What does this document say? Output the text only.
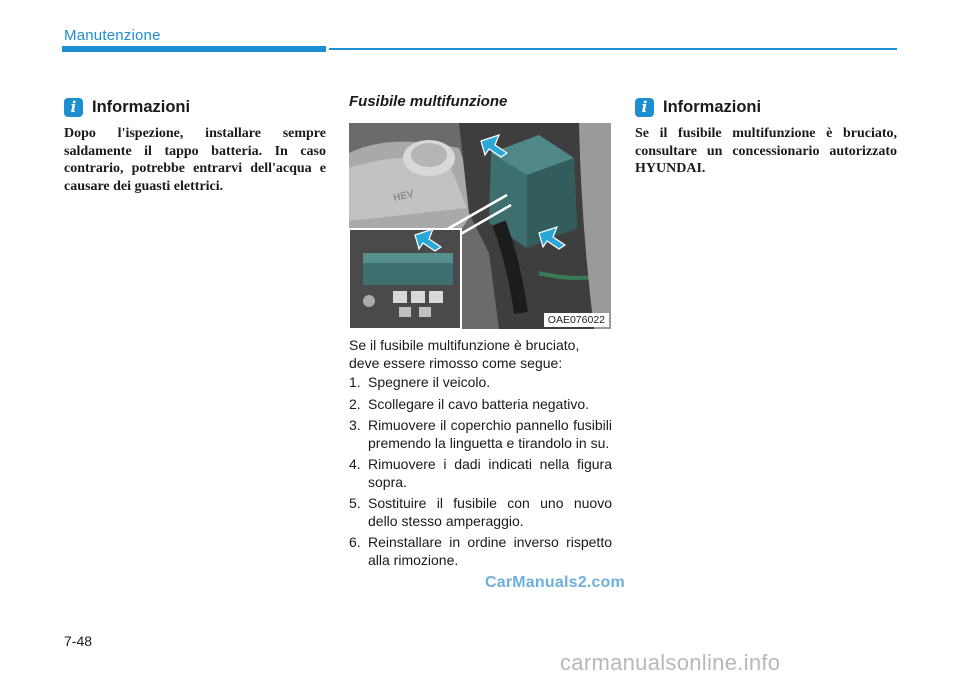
Manutenzione
i Informazioni
Dopo l'ispezione, installare sempre saldamente il tappo batteria. In caso contrario, potrebbe entrarvi dell'acqua e causare dei guasti elettrici.
Fusibile multifunzione
HEV
OAE076022
Se il fusibile multifunzione è bruciato, deve essere rimosso come segue:
1. Spegnere il veicolo.
2. Scollegare il cavo batteria negativo.
3. Rimuovere il coperchio pannello fusibili premendo la linguetta e tirandolo in su.
4. Rimuovere i dadi indicati nella figura sopra.
5. Sostituire il fusibile con uno nuovo dello stesso amperaggio.
6. Reinstallare in ordine inverso rispetto alla rimozione.
CarManuals2.com
i Informazioni
Se il fusibile multifunzione è bruciato, consultare un concessionario autorizzato HYUNDAI.
7-48
carmanualsonline.info
